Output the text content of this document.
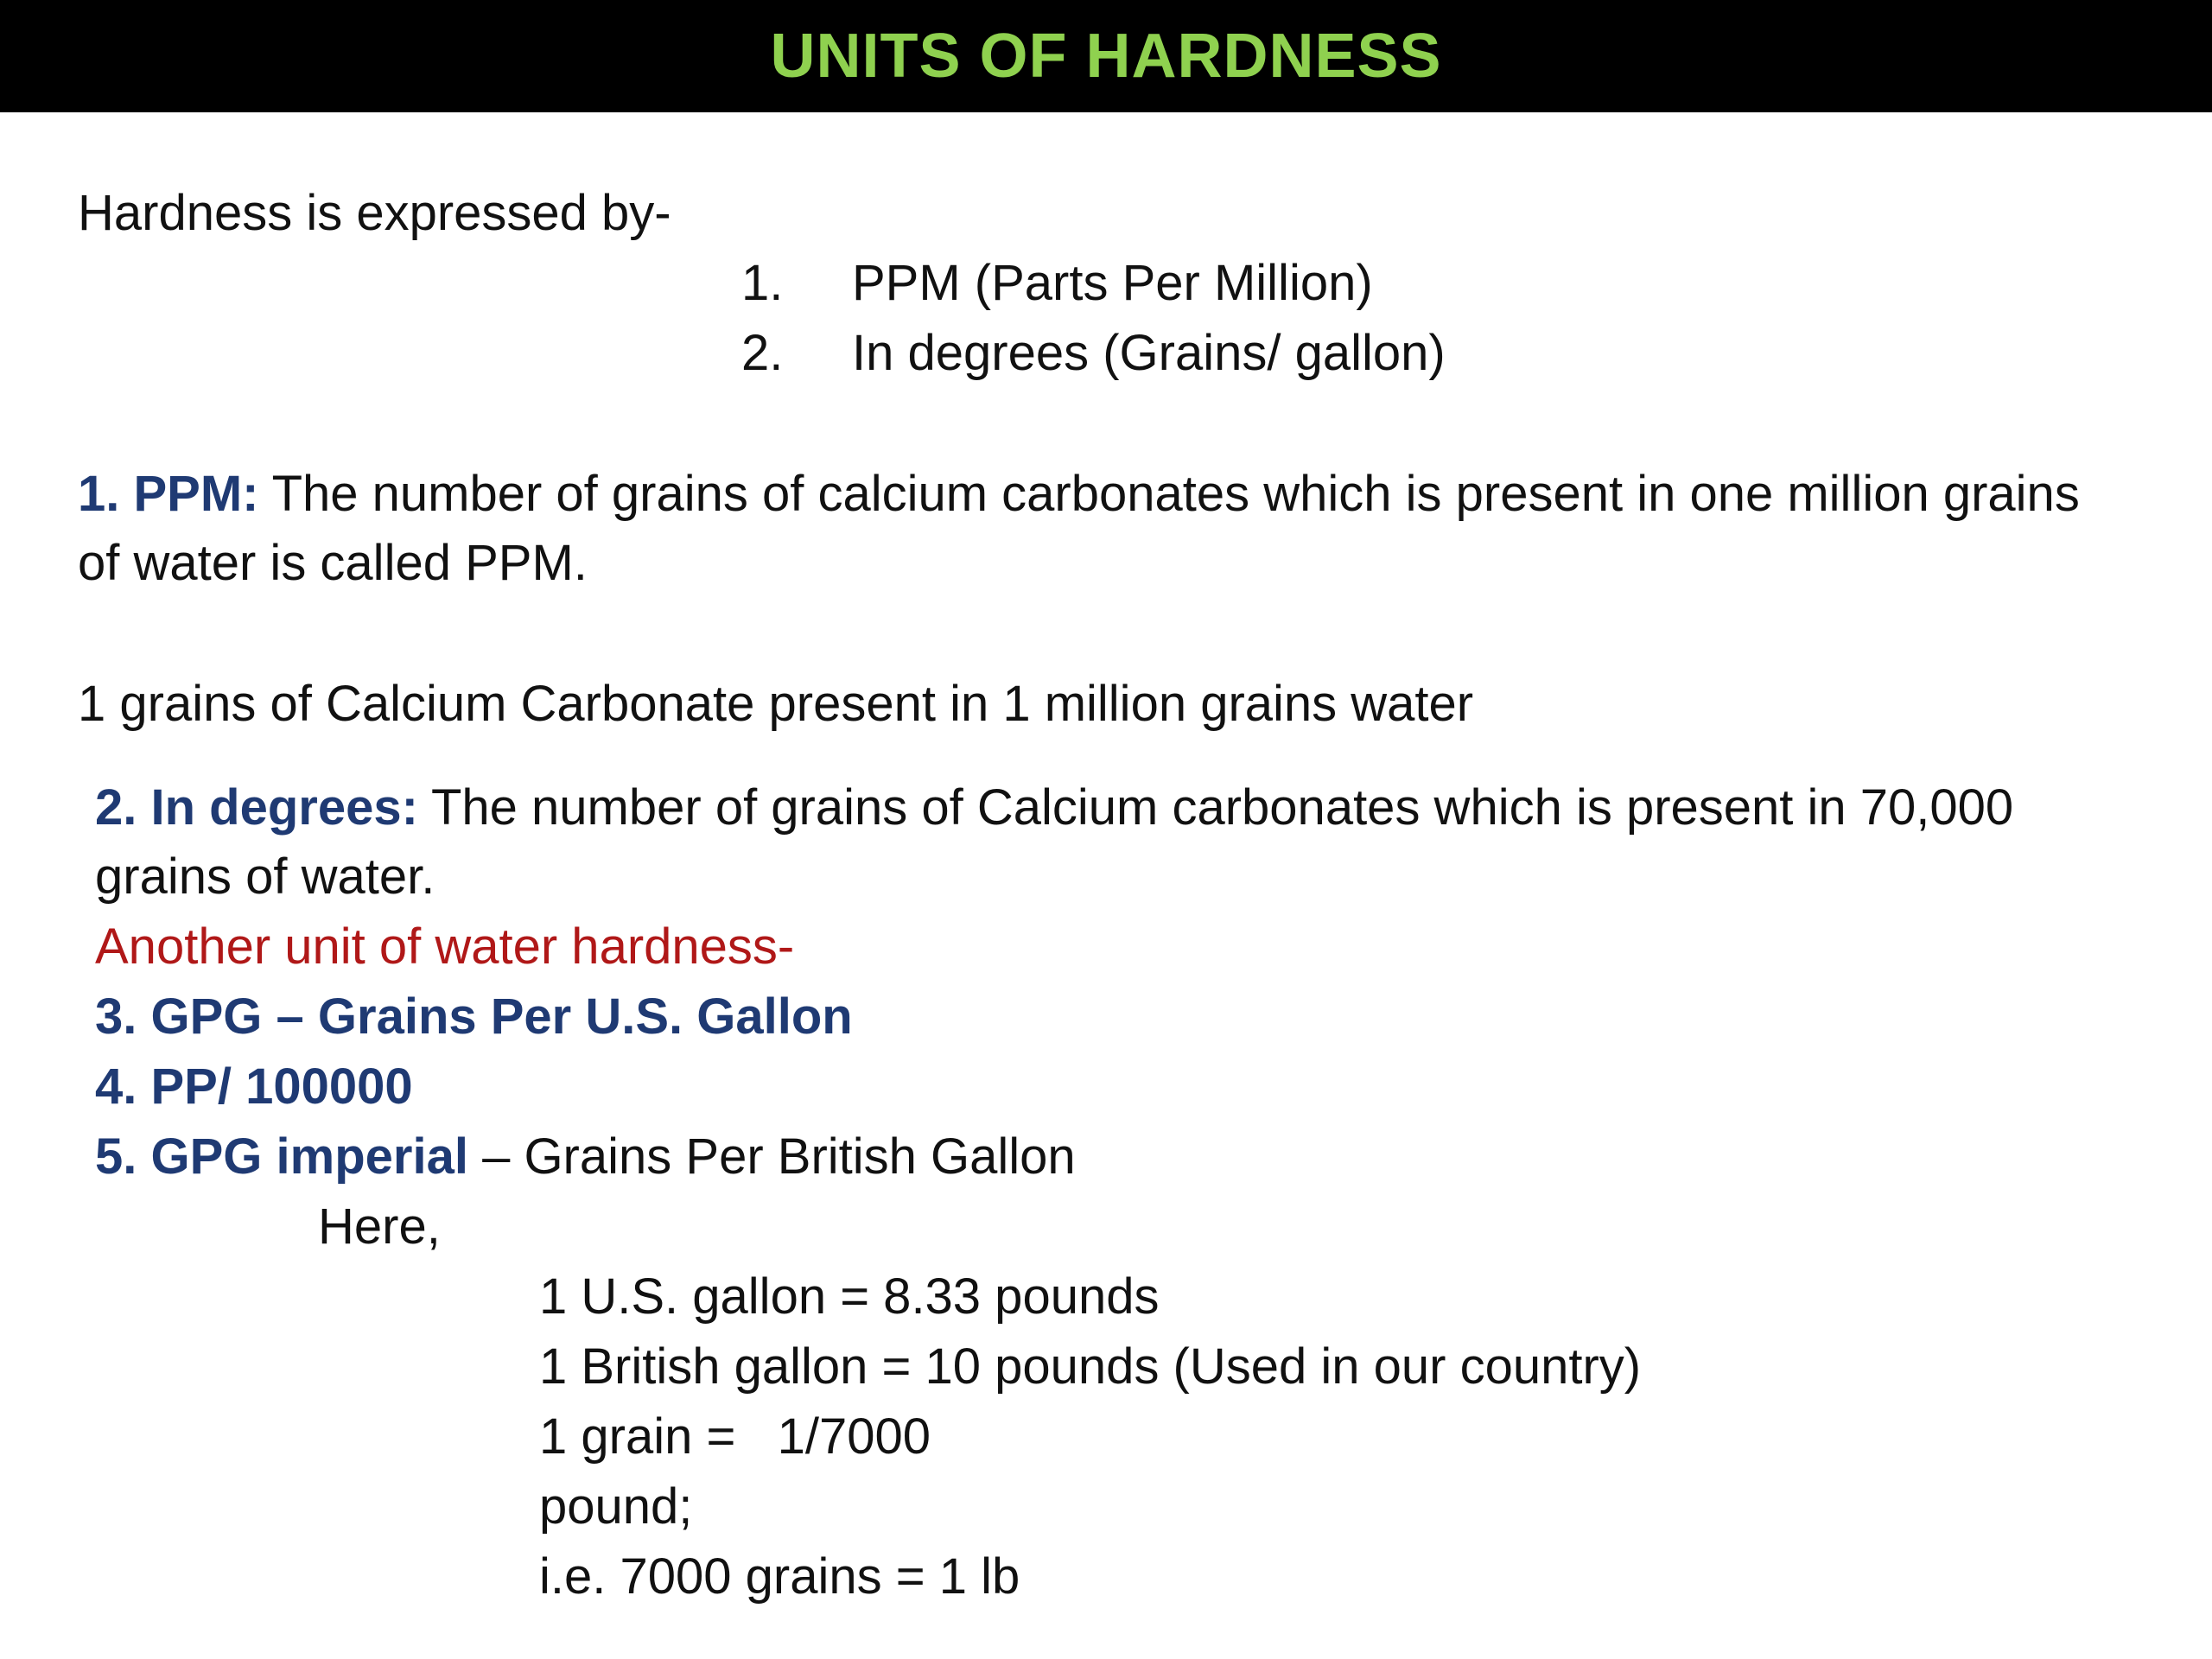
UNITS OF HARDNESS
Hardness is expressed by-
1. PPM (Parts Per Million)
2. In degrees (Grains/ gallon)
1. PPM: The number of grains of calcium carbonates which is present in one million grains of water is called PPM.
1 grains of Calcium Carbonate present in 1 million grains water
2. In degrees: The number of grains of Calcium carbonates which is present in 70,000 grains of water.
Another unit of water hardness-
3. GPG – Grains Per U.S. Gallon
4. PP/ 100000
5. GPG imperial – Grains Per British Gallon
Here,
1 U.S. gallon = 8.33 pounds
1 British gallon = 10 pounds (Used in our country)
1 grain =   1/7000
pound;
i.e. 7000 grains = 1 lb
